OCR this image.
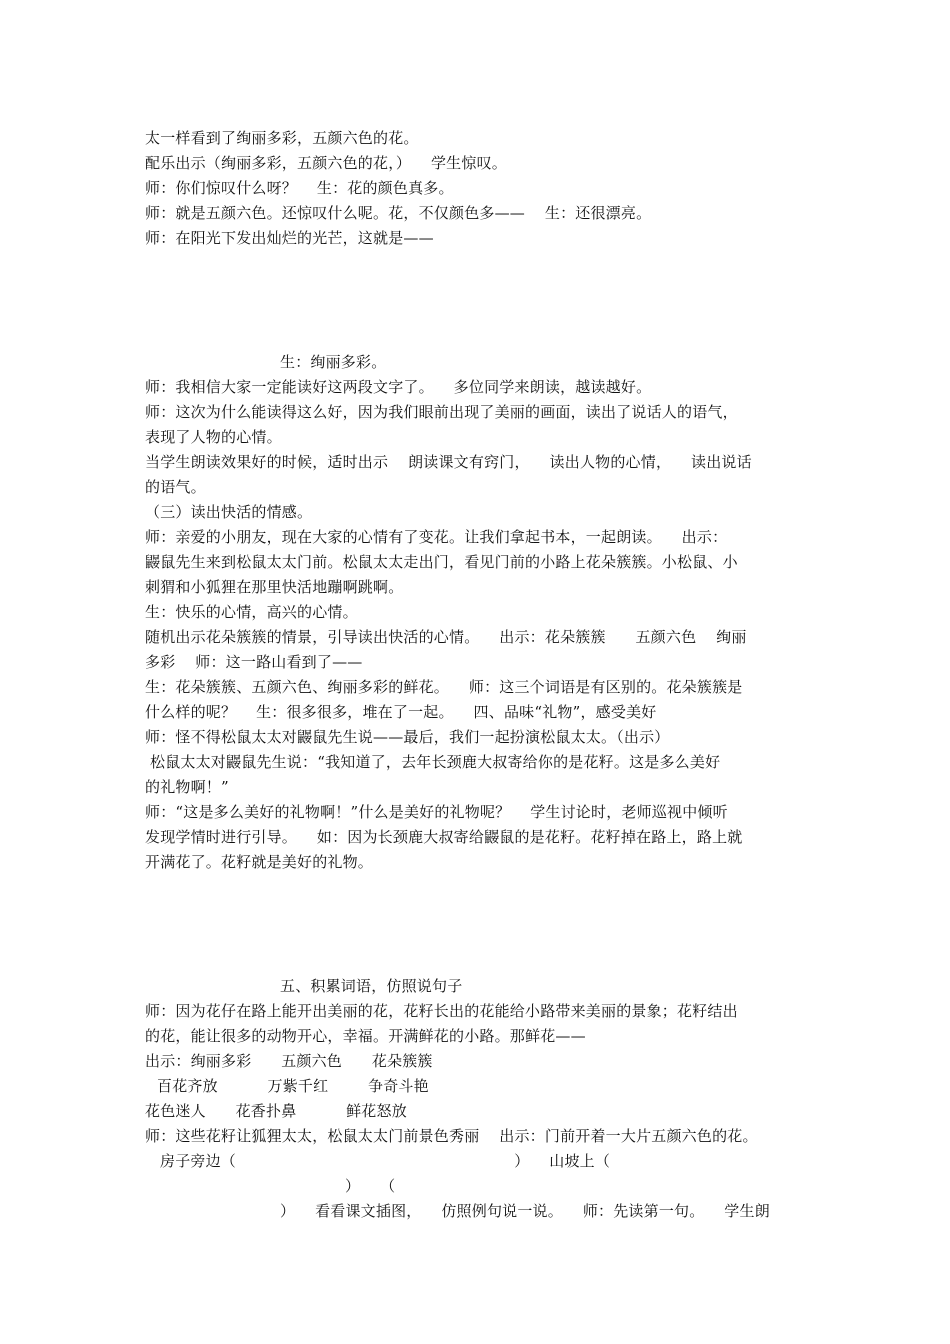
太一样看到了绚丽多彩，五颜六色的花。
配乐出示（绚丽多彩，五颜六色的花，）    学生惊叹。
师：你们惊叹什么呀？    生：花的颜色真多。
师：就是五颜六色。还惊叹什么呢。花，不仅颜色多——    生：还很漂亮。
师：在阳光下发出灿烂的光芒，这就是——
生：绚丽多彩。
师：我相信大家一定能读好这两段文字了。    多位同学来朗读，越读越好。
师：这次为什么能读得这么好，因为我们眼前出现了美丽的画面，读出了说话人的语气，
表现了人物的心情。
当学生朗读效果好的时候，适时出示    朗读课文有窍门，    读出人物的心情，    读出说话
的语气。
（三）读出快活的情感。
师：亲爱的小朋友，现在大家的心情有了变花。让我们拿起书本，一起朗读。    出示：
鼹鼠先生来到松鼠太太门前。松鼠太太走出门，看见门前的小路上花朵簇簇。小松鼠、小
刺猬和小狐狸在那里快活地蹦啊跳啊。
生：快乐的心情，高兴的心情。
随机出示花朵簇簇的情景，引导读出快活的心情。    出示：花朵簇簇      五颜六色    绚丽
多彩    师：这一路山看到了——
生：花朵簇簇、五颜六色、绚丽多彩的鲜花。    师：这三个词语是有区别的。花朵簇簇是
什么样的呢？    生：很多很多，堆在了一起。    四、品味“礼物”，感受美好
师：怪不得松鼠太太对鼹鼠先生说——最后，我们一起扮演松鼠太太。（出示）
松鼠太太对鼹鼠先生说：“我知道了，去年长颈鹿大叔寄给你的是花籽。这是多么美好
的礼物啊！”
师：“这是多么美好的礼物啊！”什么是美好的礼物呢？    学生讨论时，老师巡视中倾听
发现学情时进行引导。    如：因为长颈鹿大叔寄给鼹鼠的是花籽。花籽掉在路上，路上就
开满花了。花籽就是美好的礼物。
五、积累词语，仿照说句子
师：因为花仔在路上能开出美丽的花，花籽长出的花能给小路带来美丽的景象；花籽结出
的花，能让很多的动物开心，幸福。开满鲜花的小路。那鲜花——
出示：绚丽多彩      五颜六色      花朵簇簇
百花齐放          万紫千红        争奇斗艳
花色迷人      花香扑鼻          鲜花怒放
师：这些花籽让狐狸太太，松鼠太太门前景色秀丽    出示：门前开着一大片五颜六色的花。
房子旁边（                                                        ）    山坡上（
）    （
）    看看课文插图，    仿照例句说一说。    师：先读第一句。    学生朗
